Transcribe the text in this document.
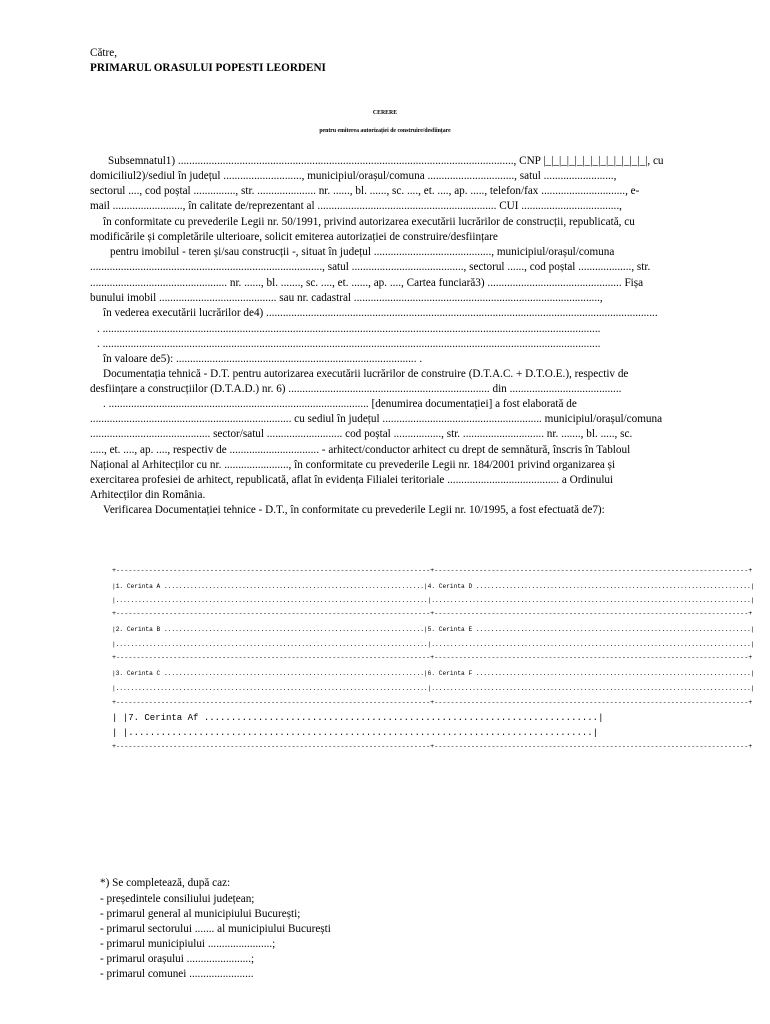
Către,
PRIMARUL ORASULUI POPESTI LEORDENI
CERERE
pentru emiterea autorizației de construire/desființare
Subsemnatul1) ........................................................................................................................, CNP |_|_|_|_|_|_|_|_|_|_|_|_|_|, cu
domiciliul2)/sediul în județul ............................, municipiul/orașul/comuna ..............................., satul .........................,
sectorul ...., cod poștal ..............., str. ..................... nr. ......, bl. ......, sc. ...., et. ...., ap. ....., telefon/fax .............................., e-
mail ........................., în calitate de/reprezentant al ................................................................ CUI ...................................,
în conformitate cu prevederile Legii nr. 50/1991, privind autorizarea executării lucrărilor de construcții, republicată, cu
modificările și completările ulterioare, solicit emiterea autorizației de construire/desființare
pentru imobilul - teren și/sau construcții -, situat în județul .........................................., municipiul/orașul/comuna
..................................................................................., satul ........................................, sectorul ......, cod poștal ..................., str.
................................................. nr. ......, bl. ......., sc. ...., et. ......, ap. ...., Cartea funciară3) ................................................ Fișa
bunului imobil .......................................... sau nr. cadastral ........................................................................................,
în vederea executării lucrărilor de4) ............................................................................................................................................
. ..................................................................................................................................................................................
. ..................................................................................................................................................................................
în valoare de5): ...................................................................................... .
Documentația tehnică - D.T. pentru autorizarea executării lucrărilor de construire (D.T.A.C. + D.T.O.E.), respectiv de
desființare a construcțiilor (D.T.A.D.) nr. 6) ........................................................................ din ........................................
. ............................................................................................. [denumirea documentației] a fost elaborată de
........................................................................ cu sediul în județul ......................................................... municipiul/orașul/comuna
........................................... sector/satul ........................... cod poștal ................., str. ............................. nr. ......., bl. ....., sc.
....., et. ...., ap. ...., respectiv de ................................ - arhitect/conductor arhitect cu drept de semnătură, înscris în Tabloul
Național al Arhitecților cu nr. ......................., în conformitate cu prevederile Legii nr. 184/2001 privind organizarea și
exercitarea profesiei de arhitect, republicată, aflat în evidența Filialei teritoriale ........................................ a Ordinului
Arhitecților din România.
Verificarea Documentației tehnice - D.T., în conformitate cu prevederile Legii nr. 10/1995, a fost efectuată de7):
+-----------------------------------------------------------------------------+-----------------------------------------------------------------------------+
|1. Cerinta A ......................................................................|4. Cerinta D ..........................................................................|
|....................................................................................|......................................................................................|
+-----------------------------------------------------------------------------+-----------------------------------------------------------------------------+
|2. Cerinta B ......................................................................|5. Cerinta E ..........................................................................|
|....................................................................................|......................................................................................|
+-----------------------------------------------------------------------------+-----------------------------------------------------------------------------+
|3. Cerinta C ......................................................................|6. Cerinta F ..........................................................................|
|....................................................................................|......................................................................................|
+-----------------------------------------------------------------------------+-----------------------------------------------------------------------------+
| |7. Cerinta Af .........................................................................|
| |......................................................................................|
+-----------------------------------------------------------------------------+-----------------------------------------------------------------------------+
*) Se completează, după caz:
- președintele consiliului județean;
- primarul general al municipiului București;
- primarul sectorului ....... al municipiului București
- primarul municipiului .......................;
- primarul orașului .......................;
- primarul comunei .......................
